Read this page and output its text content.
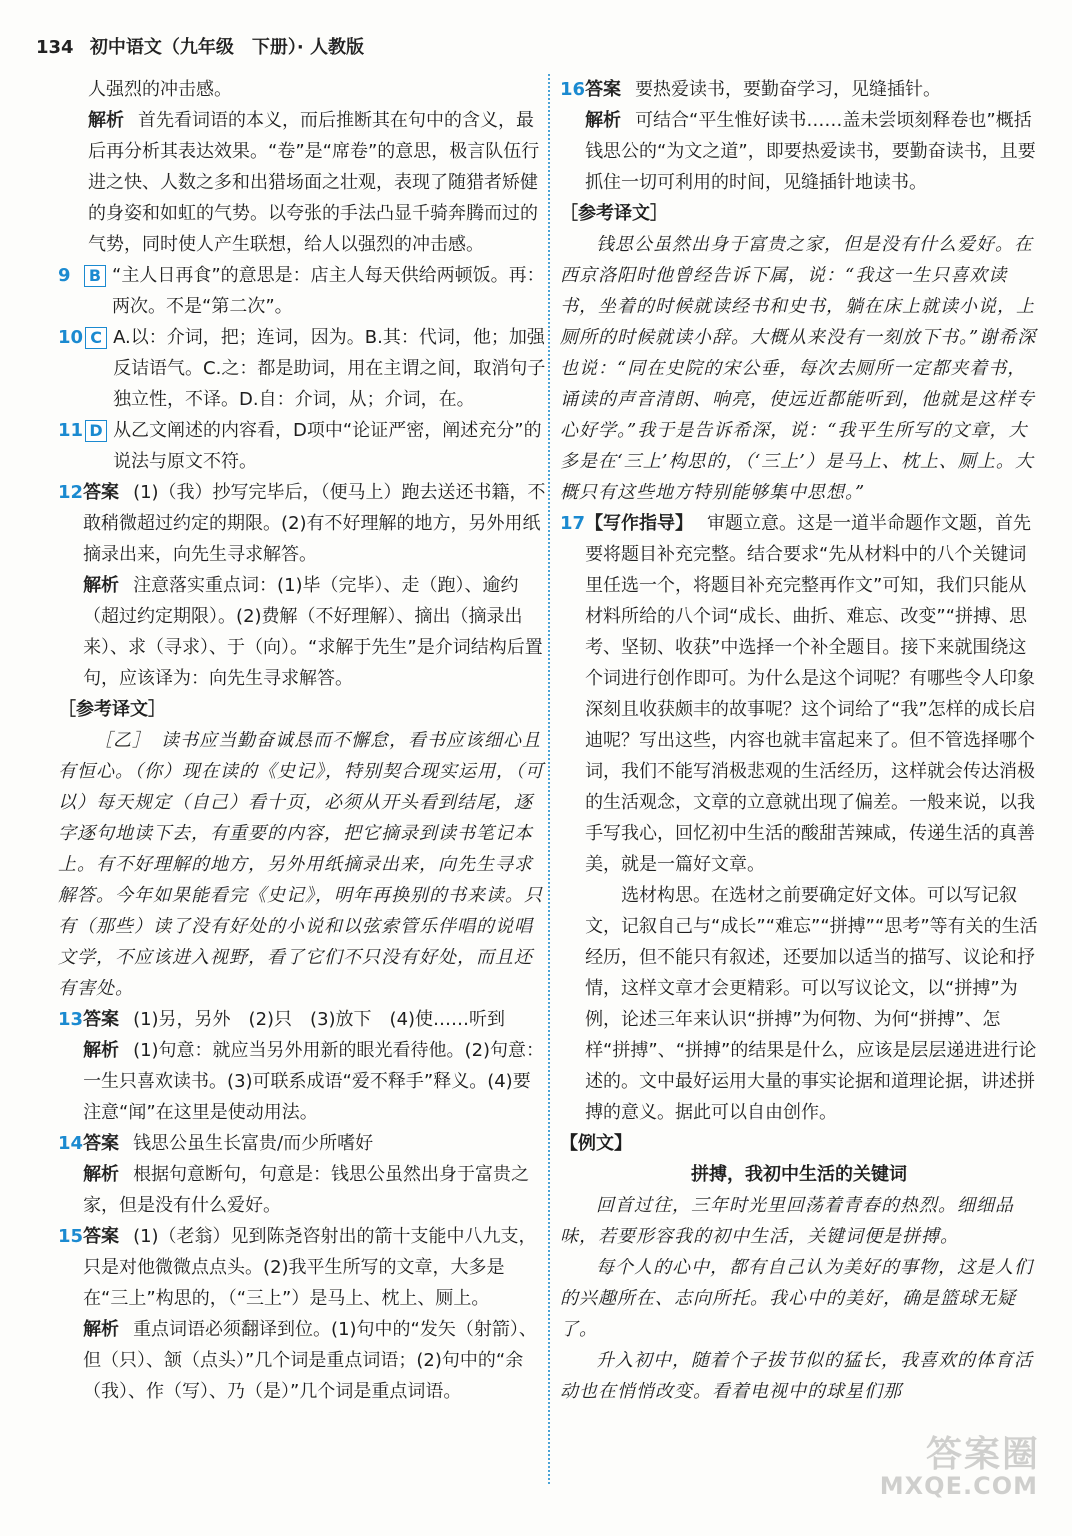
134 初中语文（九年级　下册）· 人教版

人强烈的冲击感。

解析 首先看词语的本义，而后推断其在句中的含义，最后再分析其表达效果。“卷”是“席卷”的意思，极言队伍行进之快、人数之多和出猎场面之壮观，表现了随猎者矫健的身姿和如虹的气势。以夸张的手法凸显千骑奔腾而过的气势，同时使人产生联想，给人以强烈的冲击感。

9 B “主人日再食”的意思是：店主人每天供给两顿饭。再：两次。不是“第二次”。
10 C A.以：介词，把；连词，因为。B.其：代词，他；加强反诘语气。C.之：都是助词，用在主谓之间，取消句子独立性，不译。D.自：介词，从；介词，在。
11 D 从乙文阐述的内容看，D项中“论证严密，阐述充分”的说法与原文不符。
12 答案 (1)（我）抄写完毕后，（便马上）跑去送还书籍，不敢稍微超过约定的期限。(2)有不好理解的地方，另外用纸摘录出来，向先生寻求解答。
解析 注意落实重点词：(1)毕（完毕）、走（跑）、逾约（超过约定期限）。(2)费解（不好理解）、摘出（摘录出来）、求（寻求）、于（向）。“求解于先生”是介词结构后置句，应该译为：向先生寻求解答。

［参考译文］

［乙］　读书应当勤奋诚恳而不懈怠，看书应该细心且有恒心。（你）现在读的《史记》，特别契合现实运用，（可以）每天规定（自己）看十页，必须从开头看到结尾，逐字逐句地读下去，有重要的内容，把它摘录到读书笔记本上。有不好理解的地方，另外用纸摘录出来，向先生寻求解答。今年如果能看完《史记》，明年再换别的书来读。只有（那些）读了没有好处的小说和以弦索管乐伴唱的说唱文学，不应该进入视野，看了它们不只没有好处，而且还有害处。

13 答案 (1)另，另外　(2)只　(3)放下　(4)使……听到
解析 (1)句意：就应当另外用新的眼光看待他。(2)句意：一生只喜欢读书。(3)可联系成语“爱不释手”释义。(4)要注意“闻”在这里是使动用法。
14 答案 钱思公虽生长富贵/而少所嗜好
解析 根据句意断句，句意是：钱思公虽然出身于富贵之家，但是没有什么爱好。
15 答案 (1)（老翁）见到陈尧咨射出的箭十支能中八九支，只是对他微微点点头。(2)我平生所写的文章，大多是在“三上”构思的，（“三上”）是马上、枕上、厕上。
解析 重点词语必须翻译到位。(1)句中的“发矢（射箭）、但（只）、颔（点头）”几个词是重点词语；(2)句中的“余（我）、作（写）、乃（是）”几个词是重点词语。
16 答案 要热爱读书，要勤奋学习，见缝插针。
解析 可结合“平生惟好读书……盖未尝顷刻释卷也”概括钱思公的“为文之道”，即要热爱读书，要勤奋读书，且要抓住一切可利用的时间，见缝插针地读书。

［参考译文］

钱思公虽然出身于富贵之家，但是没有什么爱好。在西京洛阳时他曾经告诉下属，说：“我这一生只喜欢读书，坐着的时候就读经书和史书，躺在床上就读小说，上厕所的时候就读小辞。大概从来没有一刻放下书。”谢希深也说：“同在史院的宋公垂，每次去厕所一定都夹着书，诵读的声音清朗、响亮，使远近都能听到，他就是这样专心好学。”我于是告诉希深，说：“我平生所写的文章，大多是在‘三上’构思的，（‘三上’）是马上、枕上、厕上。大概只有这些地方特别能够集中思想。”

17 【写作指导】 审题立意。这是一道半命题作文题，首先要将题目补充完整。结合要求“先从材料中的八个关键词里任选一个，将题目补充完整再作文”可知，我们只能从材料所给的八个词“成长、曲折、难忘、改变”“拼搏、思考、坚韧、收获”中选择一个补全题目。接下来就围绕这个词进行创作即可。为什么是这个词呢？有哪些令人印象深刻且收获颇丰的故事呢？这个词给了“我”怎样的成长启迪呢？写出这些，内容也就丰富起来了。但不管选择哪个词，我们不能写消极悲观的生活经历，这样就会传达消极的生活观念，文章的立意就出现了偏差。一般来说，以我手写我心，回忆初中生活的酸甜苦辣咸，传递生活的真善美，就是一篇好文章。
选材构思。在选材之前要确定好文体。可以写记叙文，记叙自己与“成长”“难忘”“拼搏”“思考”等有关的生活经历，但不能只有叙述，还要加以适当的描写、议论和抒情，这样文章才会更精彩。可以写议论文，以“拼搏”为例，论述三年来认识“拼搏”为何物、为何“拼搏”、怎样“拼搏”、“拼搏”的结果是什么，应该是层层递进进行论述的。文中最好运用大量的事实论据和道理论据，讲述拼搏的意义。据此可以自由创作。

【例文】

拼搏，我初中生活的关键词

回首过往，三年时光里回荡着青春的热烈。细细品味，若要形容我的初中生活，关键词便是拼搏。

每个人的心中，都有自己认为美好的事物，这是人们的兴趣所在、志向所托。我心中的美好，确是篮球无疑了。

升入初中，随着个子拔节似的猛长，我喜欢的体育活动也在悄悄改变。看着电视中的球星们那

答案圈
MXQE.COM
